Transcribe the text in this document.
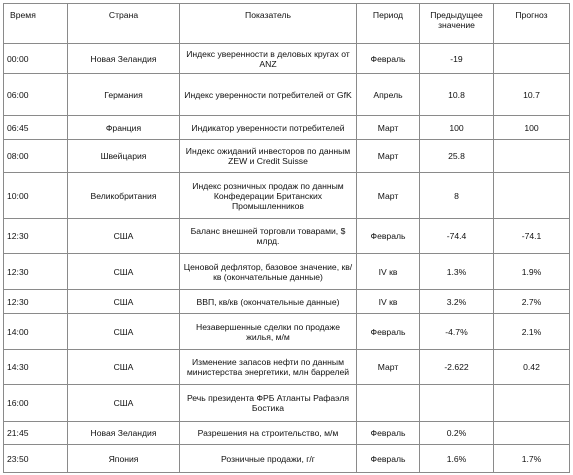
Время	Страна	Показатель	Период	Предыдущее значение	Прогноз
00:00	Новая Зеландия	Индекс уверенности в деловых кругах от ANZ	Февраль	-19	
06:00	Германия	Индекс уверенности потребителей от GfK	Апрель	10.8	10.7
06:45	Франция	Индикатор уверенности потребителей	Март	100	100
08:00	Швейцария	Индекс ожиданий инвесторов по данным ZEW и Credit Suisse	Март	25.8	
10:00	Великобритания	Индекс розничных продаж по данным Конфедерации Британских Промышленников	Март	8	
12:30	США	Баланс внешней торговли товарами, $ млрд.	Февраль	-74.4	-74.1
12:30	США	Ценовой дефлятор, базовое значение, кв/кв (окончательные данные)	IV кв	1.3%	1.9%
12:30	США	ВВП, кв/кв (окончательные данные)	IV кв	3.2%	2.7%
14:00	США	Незавершенные сделки по продаже жилья, м/м	Февраль	-4.7%	2.1%
14:30	США	Изменение запасов нефти по данным министерства энергетики, млн баррелей	Март	-2.622	0.42
16:00	США	Речь президента ФРБ Атланты Рафаэля Бостика			
21:45	Новая Зеландия	Разрешения на строительство, м/м	Февраль	0.2%	
23:50	Япония	Розничные продажи, г/г	Февраль	1.6%	1.7%
